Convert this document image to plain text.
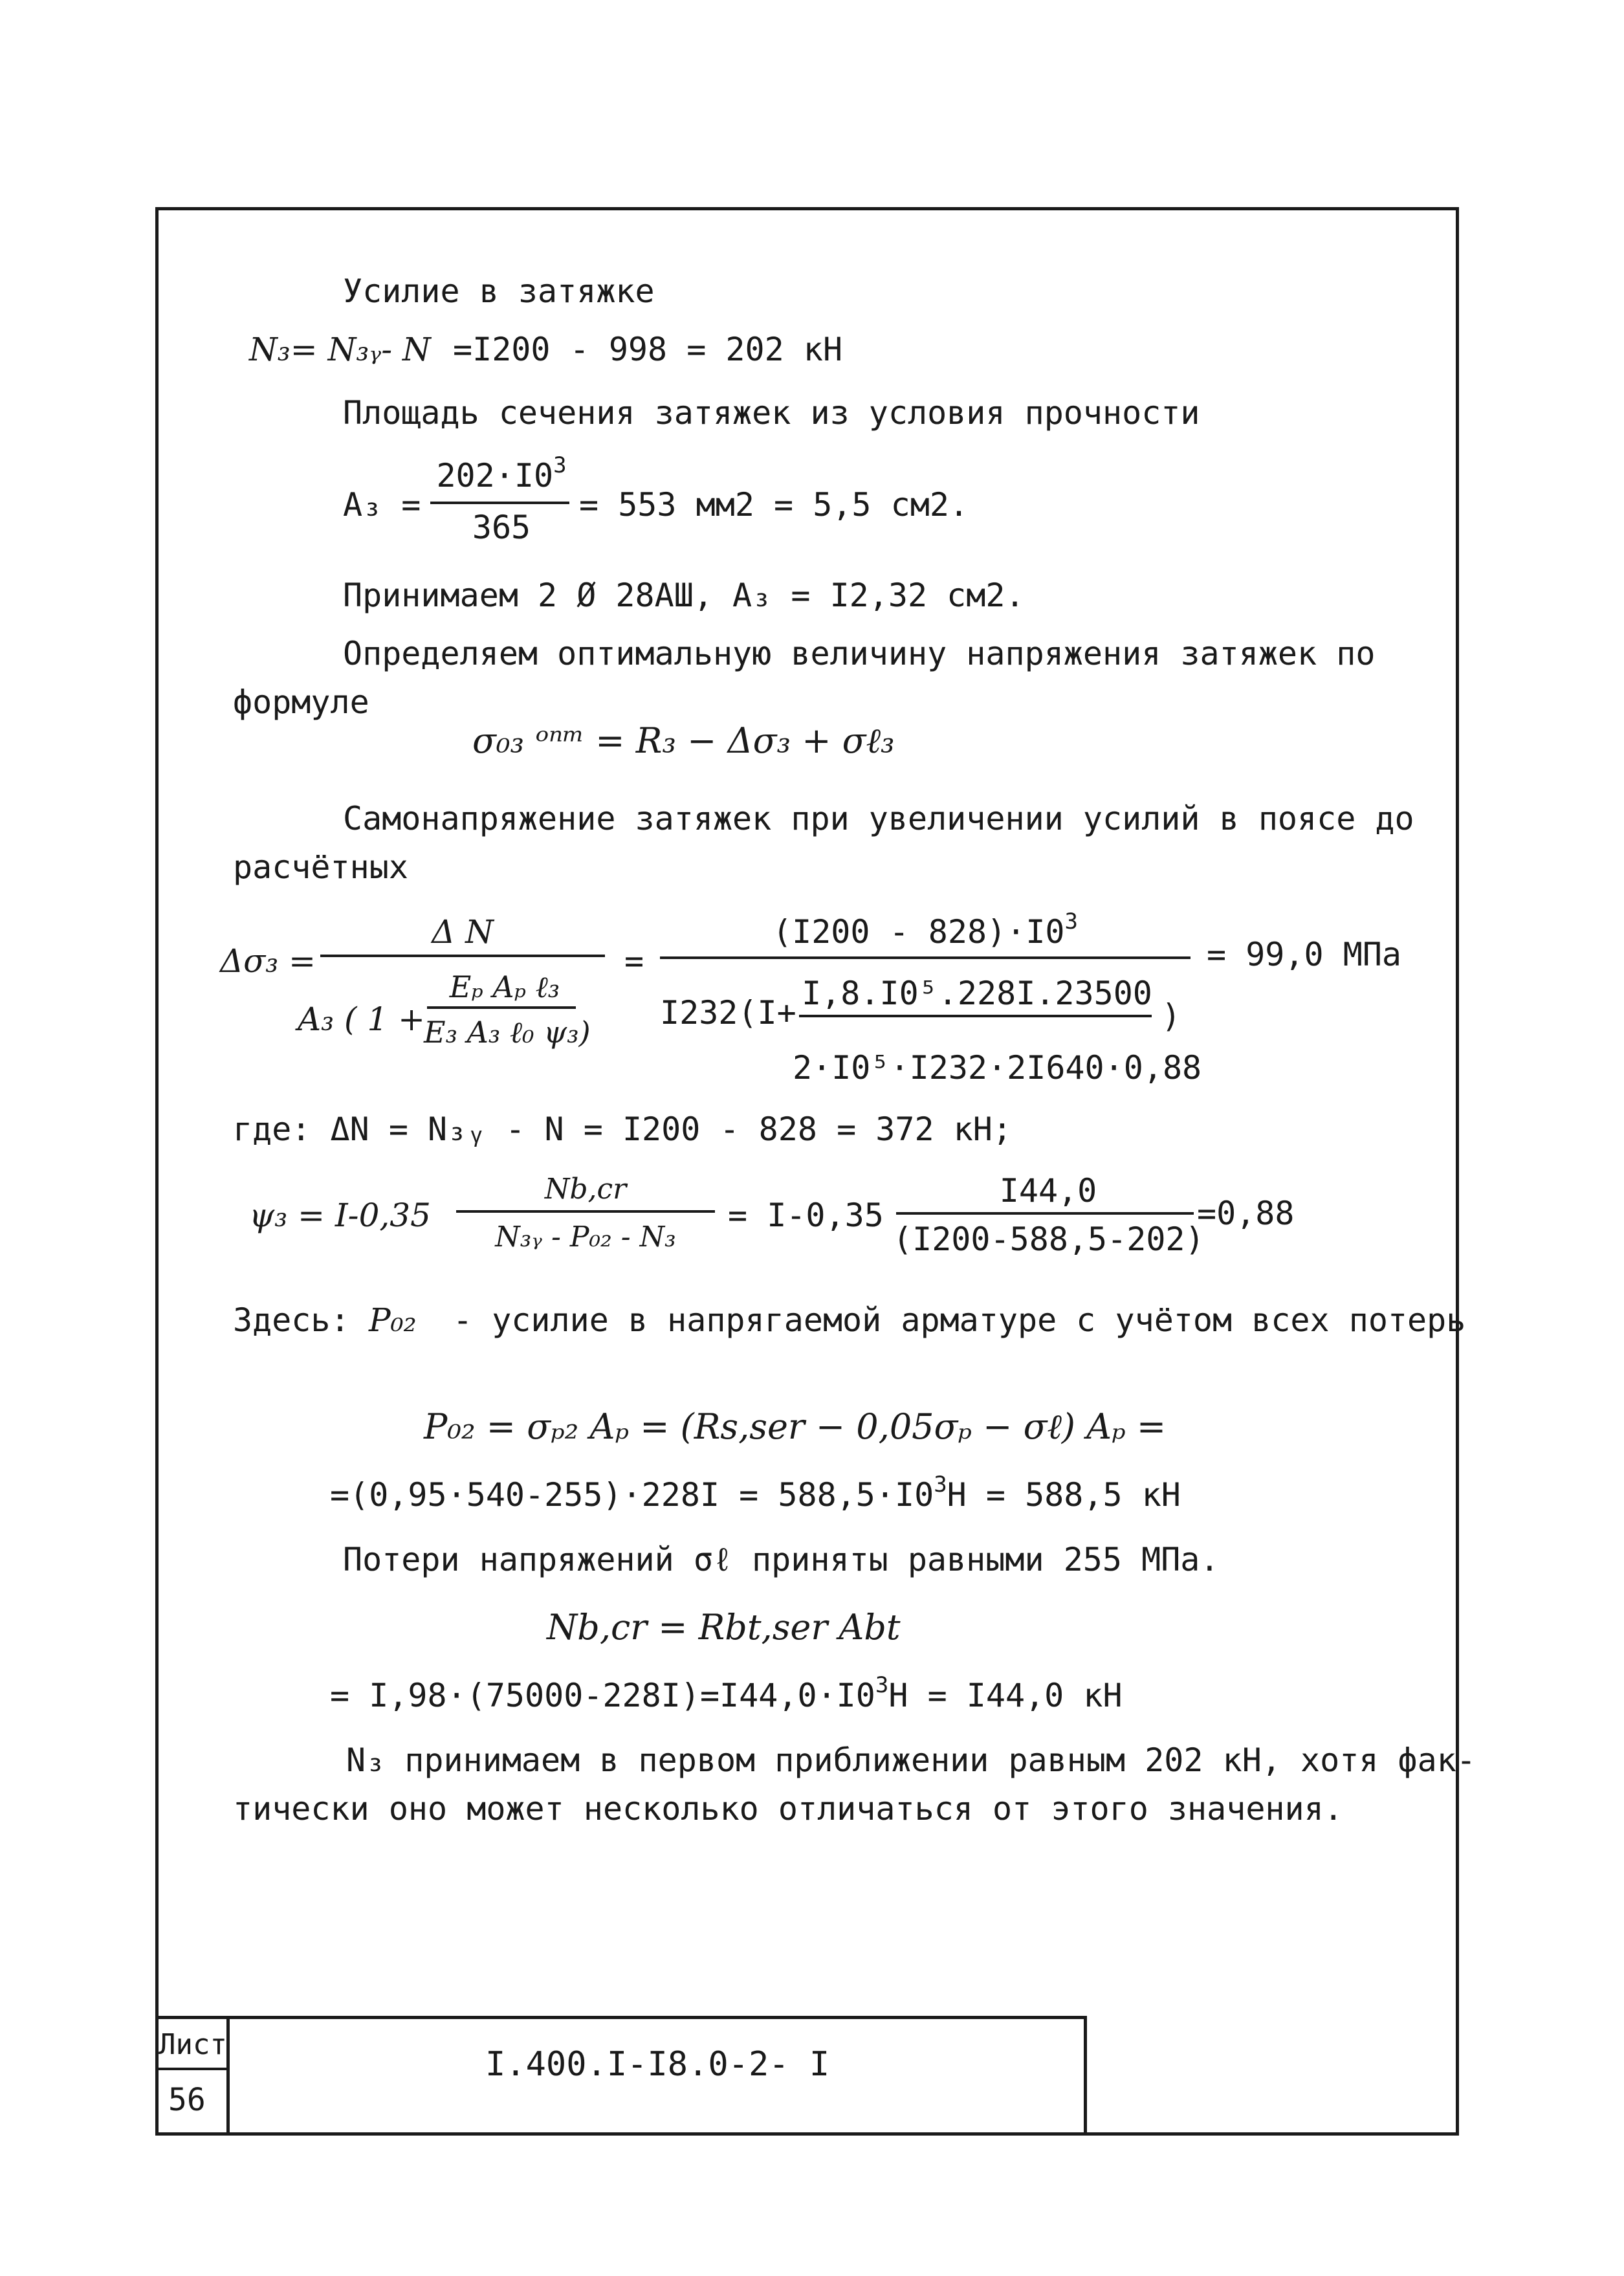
Усилие в затяжке
N₃= N₃ᵧ- N =I200 - 998 = 202 кН
Площадь сечения затяжек из условия прочности
A₃ =
$202\cdot I0^3$
365
= 553 мм2 = 5,5 см2.
Принимаем 2 Ø 28АШ, A₃ = I2,32 см2.
Определяем оптимальную величину напряжения затяжек по
формуле
σ₀₃ ᵒⁿᵐ = R₃ − Δσ₃ + σℓ₃
Самонапряжение затяжек при увеличении усилий в поясе до
расчётных
Δσ₃ =
Δ N
A₃ ( 1 +
Eₚ Aₚ ℓ₃
E₃ A₃ ℓ₀ ψ₃)
=
$(I200 - 828)\cdot I0^3$
I232(I+
I,8.I0⁵.228I.23500
)
2·I0⁵·I232·2I640·0,88
= 99,0 МПа
где: ΔN = N₃ᵧ - N = I200 - 828 = 372 кН;
ψ₃ = I-0,35
Nb,cr
N₃ᵧ - P₀₂ - N₃
= I-0,35
I44,0
(I200-588,5-202)
=0,88
Здесь: P₀₂ - усилие в напрягаемой арматуре с учётом всех потерь
P₀₂ = σₚ₂ Aₚ = (Rs,ser − 0,05σₚ − σℓ) Aₚ =
$=(0,95\cdot 540-255)\cdot 228I = 588,5\cdot I0^3Н = 588,5$ кН
Потери напряжений σℓ приняты равными 255 МПа.
Nb,cr = Rbt,ser Abt
= $I,98\cdot(75000-228I)=I44,0\cdot I0^3Н = I44,0$ кН
N₃ принимаем в первом приближении равным 202 кН, хотя фак-
тически оно может несколько отличаться от этого значения.
Лист
56
I.400.I-I8.0-2- I
